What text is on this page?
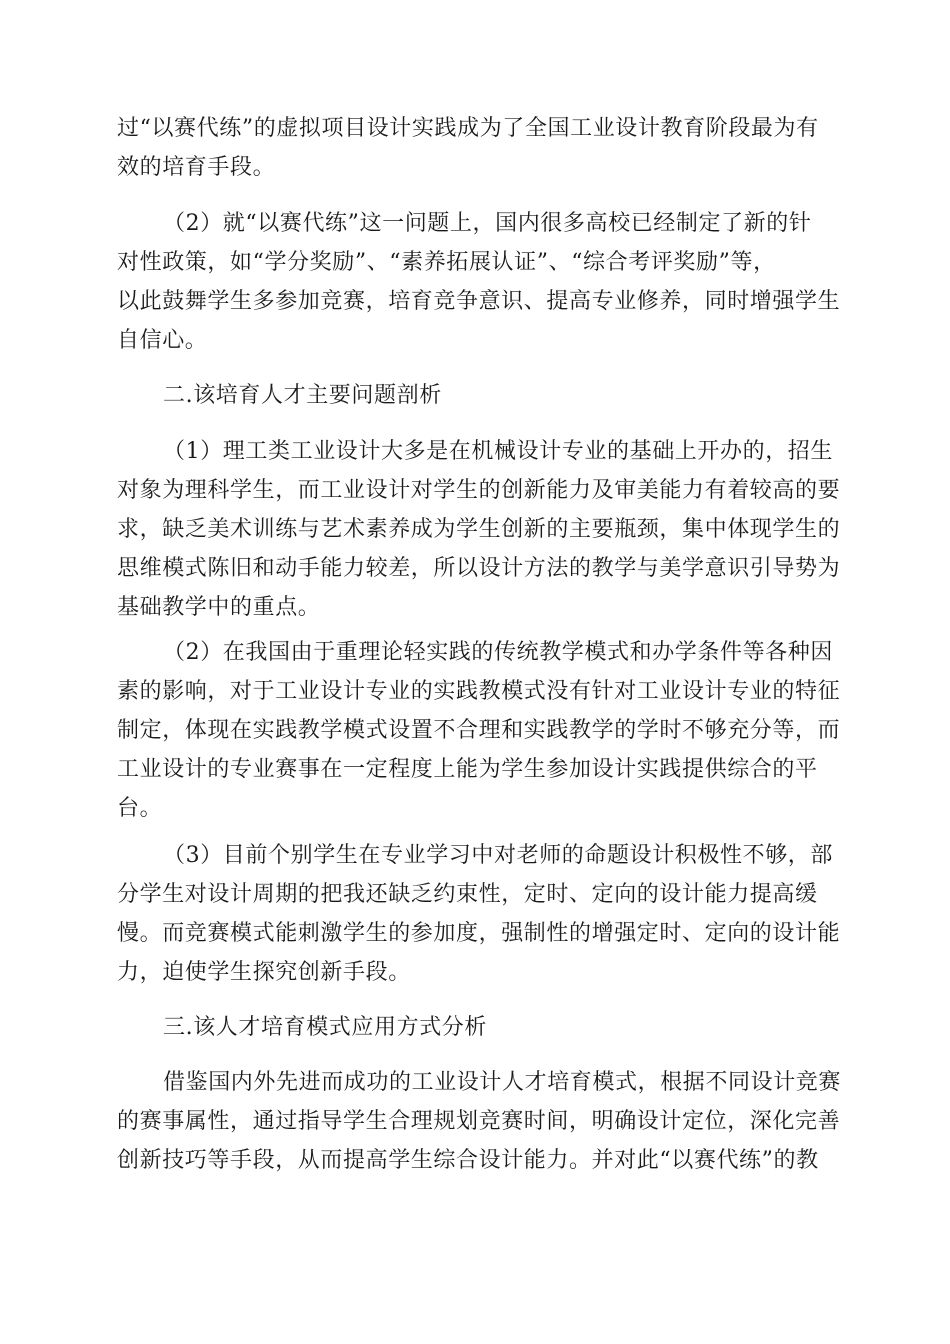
过“以赛代练”的虚拟项目设计实践成为了全国工业设计教育阶段最为有
效的培育手段。
（2）就“以赛代练”这一问题上，国内很多高校已经制定了新的针
对性政策，如“学分奖励”、“素养拓展认证”、“综合考评奖励”等，
以此鼓舞学生多参加竞赛，培育竞争意识、提高专业修养，同时增强学生
自信心。
二.该培育人才主要问题剖析
（1）理工类工业设计大多是在机械设计专业的基础上开办的，招生
对象为理科学生，而工业设计对学生的创新能力及审美能力有着较高的要
求，缺乏美术训练与艺术素养成为学生创新的主要瓶颈，集中体现学生的
思维模式陈旧和动手能力较差，所以设计方法的教学与美学意识引导势为
基础教学中的重点。
（2）在我国由于重理论轻实践的传统教学模式和办学条件等各种因
素的影响，对于工业设计专业的实践教模式没有针对工业设计专业的特征
制定，体现在实践教学模式设置不合理和实践教学的学时不够充分等，而
工业设计的专业赛事在一定程度上能为学生参加设计实践提供综合的平
台。
（3）目前个别学生在专业学习中对老师的命题设计积极性不够，部
分学生对设计周期的把我还缺乏约束性，定时、定向的设计能力提高缓
慢。而竞赛模式能刺激学生的参加度，强制性的增强定时、定向的设计能
力，迫使学生探究创新手段。
三.该人才培育模式应用方式分析
借鉴国内外先进而成功的工业设计人才培育模式，根据不同设计竞赛
的赛事属性，通过指导学生合理规划竞赛时间，明确设计定位，深化完善
创新技巧等手段，从而提高学生综合设计能力。并对此“以赛代练”的教
